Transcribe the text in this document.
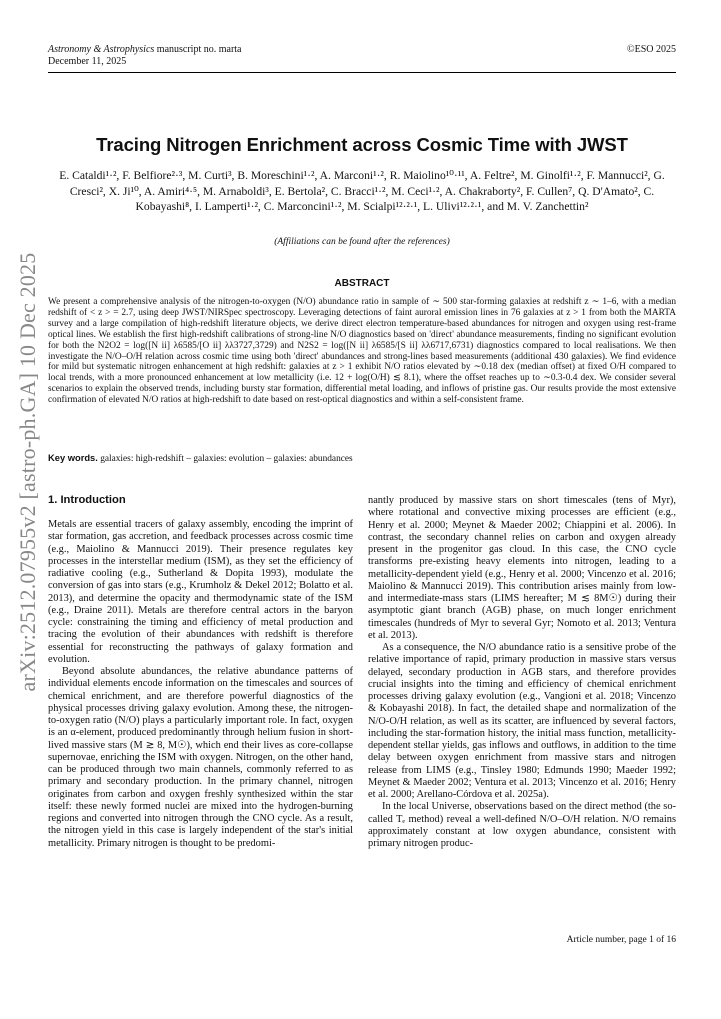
Astronomy & Astrophysics manuscript no. marta
December 11, 2025
©ESO 2025
arXiv:2512.07955v2 [astro-ph.GA] 10 Dec 2025
Tracing Nitrogen Enrichment across Cosmic Time with JWST
E. Cataldi¹·², F. Belfiore²·³, M. Curti³, B. Moreschini¹·², A. Marconi¹·², R. Maiolino¹⁰·¹¹, A. Feltre², M. Ginolfi¹·², F. Mannucci², G. Cresci², X. Ji¹⁰, A. Amiri⁴·⁵, M. Arnaboldi³, E. Bertola², C. Bracci¹·², M. Ceci¹·², A. Chakraborty², F. Cullen⁷, Q. D'Amato², C. Kobayashi⁸, I. Lamperti¹·², C. Marconcini¹·², M. Scialpi¹²·²·¹, L. Ulivi¹²·²·¹, and M. V. Zanchettin²
(Affiliations can be found after the references)
ABSTRACT
We present a comprehensive analysis of the nitrogen-to-oxygen (N/O) abundance ratio in sample of ∼ 500 star-forming galaxies at redshift z ∼ 1–6, with a median redshift of < z > = 2.7, using deep JWST/NIRSpec spectroscopy. Leveraging detections of faint auroral emission lines in 76 galaxies at z > 1 from both the MARTA survey and a large compilation of high-redshift literature objects, we derive direct electron temperature-based abundances for nitrogen and oxygen using rest-frame optical lines. We establish the first high-redshift calibrations of strong-line N/O diagnostics based on 'direct' abundance measurements, finding no significant evolution for both the N2O2 = log([N ii] λ6585/[O ii] λλ3727,3729) and N2S2 = log([N ii] λ6585/[S ii] λλ6717,6731) diagnostics compared to local realisations. We then investigate the N/O–O/H relation across cosmic time using both 'direct' abundances and strong-lines based measurements (additional 430 galaxies). We find evidence for mild but systematic nitrogen enhancement at high redshift: galaxies at z > 1 exhibit N/O ratios elevated by ∼0.18 dex (median offset) at fixed O/H compared to local trends, with a more pronounced enhancement at low metallicity (i.e. 12 + log(O/H) ≲ 8.1), where the offset reaches up to ∼0.3-0.4 dex. We consider several scenarios to explain the observed trends, including bursty star formation, differential metal loading, and inflows of pristine gas. Our results provide the most extensive confirmation of elevated N/O ratios at high-redshift to date based on rest-optical diagnostics and within a self-consistent frame.
Key words. galaxies: high-redshift – galaxies: evolution – galaxies: abundances
1. Introduction

Metals are essential tracers of galaxy assembly, encoding the imprint of star formation, gas accretion, and feedback processes across cosmic time (e.g., Maiolino & Mannucci 2019). Their presence regulates key processes in the interstellar medium (ISM), as they set the efficiency of radiative cooling (e.g., Sutherland & Dopita 1993), modulate the conversion of gas into stars (e.g., Krumholz & Dekel 2012; Bolatto et al. 2013), and determine the opacity and thermodynamic state of the ISM (e.g., Draine 2011). Metals are therefore central actors in the baryon cycle: constraining the timing and efficiency of metal production and tracing the evolution of their abundances with redshift is therefore essential for reconstructing the pathways of galaxy formation and evolution.

Beyond absolute abundances, the relative abundance patterns of individual elements encode information on the timescales and sources of chemical enrichment, and are therefore powerful diagnostics of the physical processes driving galaxy evolution. Among these, the nitrogen-to-oxygen ratio (N/O) plays a particularly important role. In fact, oxygen is an α-element, produced predominantly through helium fusion in short-lived massive stars (M ≳ 8, M☉), which end their lives as core-collapse supernovae, enriching the ISM with oxygen. Nitrogen, on the other hand, can be produced through two main channels, commonly referred to as primary and secondary production. In the primary channel, nitrogen originates from carbon and oxygen freshly synthesized within the star itself: these newly formed nuclei are mixed into the hydrogen-burning regions and converted into nitrogen through the CNO cycle. As a result, the nitrogen yield in this case is largely independent of the star's initial metallicity. Primary nitrogen is thought to be predomi-

nantly produced by massive stars on short timescales (tens of Myr), where rotational and convective mixing processes are efficient (e.g., Henry et al. 2000; Meynet & Maeder 2002; Chiappini et al. 2006). In contrast, the secondary channel relies on carbon and oxygen already present in the progenitor gas cloud. In this case, the CNO cycle transforms pre-existing heavy elements into nitrogen, leading to a metallicity-dependent yield (e.g., Henry et al. 2000; Vincenzo et al. 2016; Maiolino & Mannucci 2019). This contribution arises mainly from low- and intermediate-mass stars (LIMS hereafter; M ≲ 8M☉) during their asymptotic giant branch (AGB) phase, on much longer enrichment timescales (hundreds of Myr to several Gyr; Nomoto et al. 2013; Ventura et al. 2013).

As a consequence, the N/O abundance ratio is a sensitive probe of the relative importance of rapid, primary production in massive stars versus delayed, secondary production in AGB stars, and therefore provides crucial insights into the timing and efficiency of chemical enrichment processes driving galaxy evolution (e.g., Vangioni et al. 2018; Vincenzo & Kobayashi 2018). In fact, the detailed shape and normalization of the N/O-O/H relation, as well as its scatter, are influenced by several factors, including the star-formation history, the initial mass function, metallicity-dependent stellar yields, gas inflows and outflows, in addition to the time delay between oxygen enrichment from massive stars and nitrogen release from LIMS (e.g., Tinsley 1980; Edmunds 1990; Maeder 1992; Meynet & Maeder 2002; Ventura et al. 2013; Vincenzo et al. 2016; Henry et al. 2000; Arellano-Córdova et al. 2025a).

In the local Universe, observations based on the direct method (the so-called Tₑ method) reveal a well-defined N/O–O/H relation. N/O remains approximately constant at low oxygen abundance, consistent with primary nitrogen produc-

Article number, page 1 of 16
